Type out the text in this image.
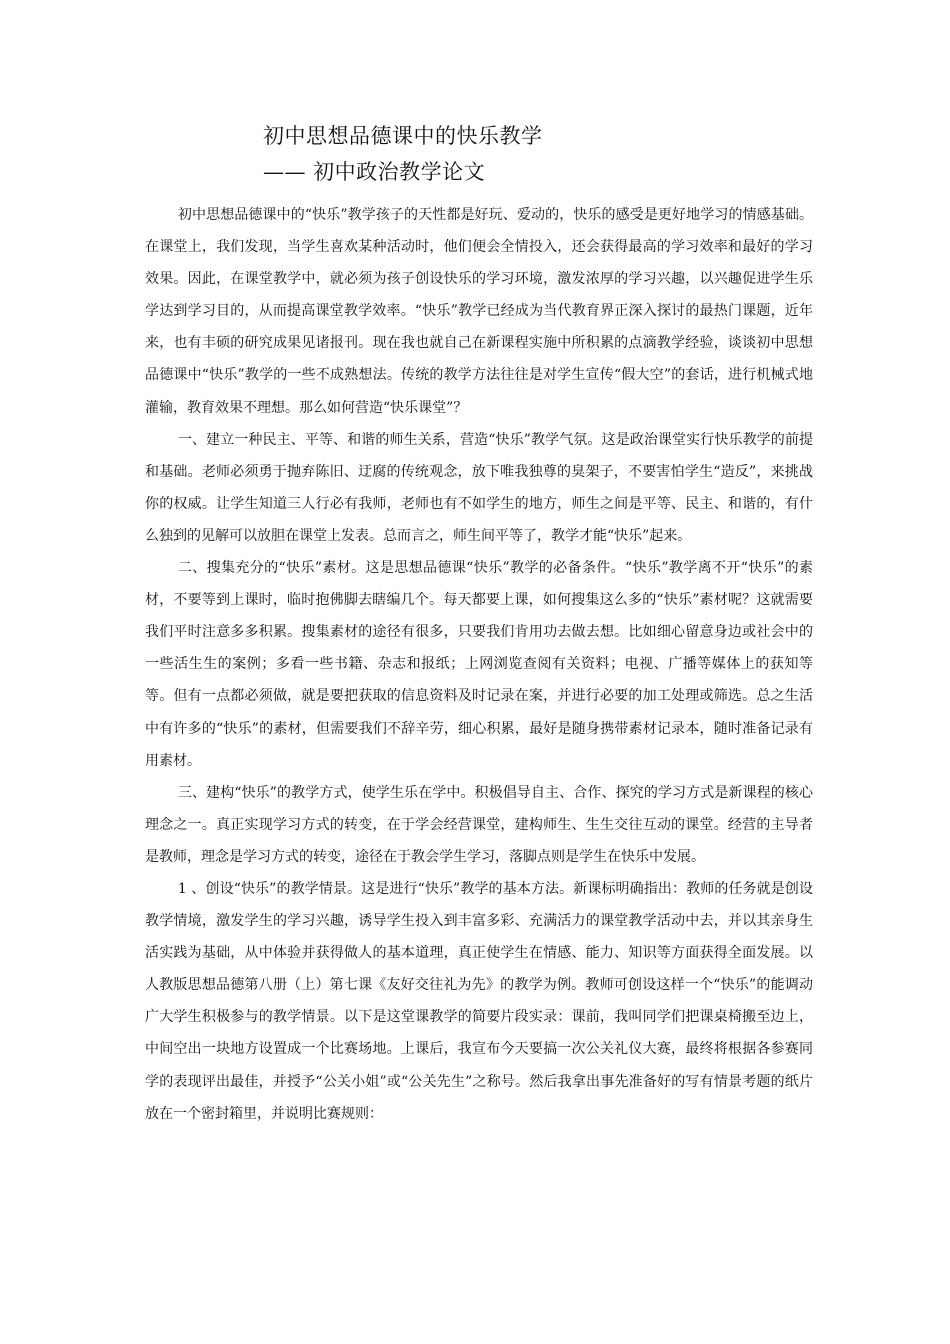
初中思想品德课中的快乐教学
—— 初中政治教学论文

初中思想品德课中的“快乐”教学孩子的天性都是好玩、爱动的，快乐的感受是更好地学习的情感基础。在课堂上，我们发现，当学生喜欢某种活动时，他们便会全情投入，还会获得最高的学习效率和最好的学习效果。因此，在课堂教学中，就必须为孩子创设快乐的学习环境，激发浓厚的学习兴趣，以兴趣促进学生乐学达到学习目的，从而提高课堂教学效率。“快乐”教学已经成为当代教育界正深入探讨的最热门课题，近年来，也有丰硕的研究成果见诸报刊。现在我也就自己在新课程实施中所积累的点滴教学经验，谈谈初中思想品德课中“快乐”教学的一些不成熟想法。传统的教学方法往往是对学生宣传“假大空”的套话，进行机械式地灌输，教育效果不理想。那么如何营造“快乐课堂”？

一、建立一种民主、平等、和谐的师生关系，营造“快乐”教学气氛。这是政治课堂实行快乐教学的前提和基础。老师必须勇于抛弃陈旧、迂腐的传统观念，放下唯我独尊的臭架子，不要害怕学生“造反”，来挑战你的权威。让学生知道三人行必有我师，老师也有不如学生的地方，师生之间是平等、民主、和谐的，有什么独到的见解可以放胆在课堂上发表。总而言之，师生间平等了，教学才能“快乐”起来。

二、搜集充分的“快乐”素材。这是思想品德课“快乐”教学的必备条件。“快乐”教学离不开“快乐”的素材，不要等到上课时，临时抱佛脚去瞎编几个。每天都要上课，如何搜集这么多的“快乐”素材呢？这就需要我们平时注意多多积累。搜集素材的途径有很多，只要我们肯用功去做去想。比如细心留意身边或社会中的一些活生生的案例；多看一些书籍、杂志和报纸；上网浏览查阅有关资料；电视、广播等媒体上的获知等等。但有一点都必须做，就是要把获取的信息资料及时记录在案，并进行必要的加工处理或筛选。总之生活中有许多的“快乐”的素材，但需要我们不辞辛劳，细心积累，最好是随身携带素材记录本，随时准备记录有用素材。

三、建构“快乐”的教学方式，使学生乐在学中。积极倡导自主、合作、探究的学习方式是新课程的核心理念之一。真正实现学习方式的转变，在于学会经营课堂，建构师生、生生交往互动的课堂。经营的主导者是教师，理念是学习方式的转变，途径在于教会学生学习，落脚点则是学生在快乐中发展。

1 、创设“快乐”的教学情景。这是进行“快乐”教学的基本方法。新课标明确指出：教师的任务就是创设教学情境，激发学生的学习兴趣，诱导学生投入到丰富多彩、充满活力的课堂教学活动中去，并以其亲身生活实践为基础，从中体验并获得做人的基本道理，真正使学生在情感、能力、知识等方面获得全面发展。以人教版思想品德第八册（上）第七课《友好交往礼为先》的教学为例。教师可创设这样一个“快乐”的能调动广大学生积极参与的教学情景。以下是这堂课教学的简要片段实录：课前，我叫同学们把课桌椅搬至边上，中间空出一块地方设置成一个比赛场地。上课后，我宣布今天要搞一次公关礼仪大赛，最终将根据各参赛同学的表现评出最佳，并授予“公关小姐”或“公关先生”之称号。然后我拿出事先准备好的写有情景考题的纸片放在一个密封箱里，并说明比赛规则：
